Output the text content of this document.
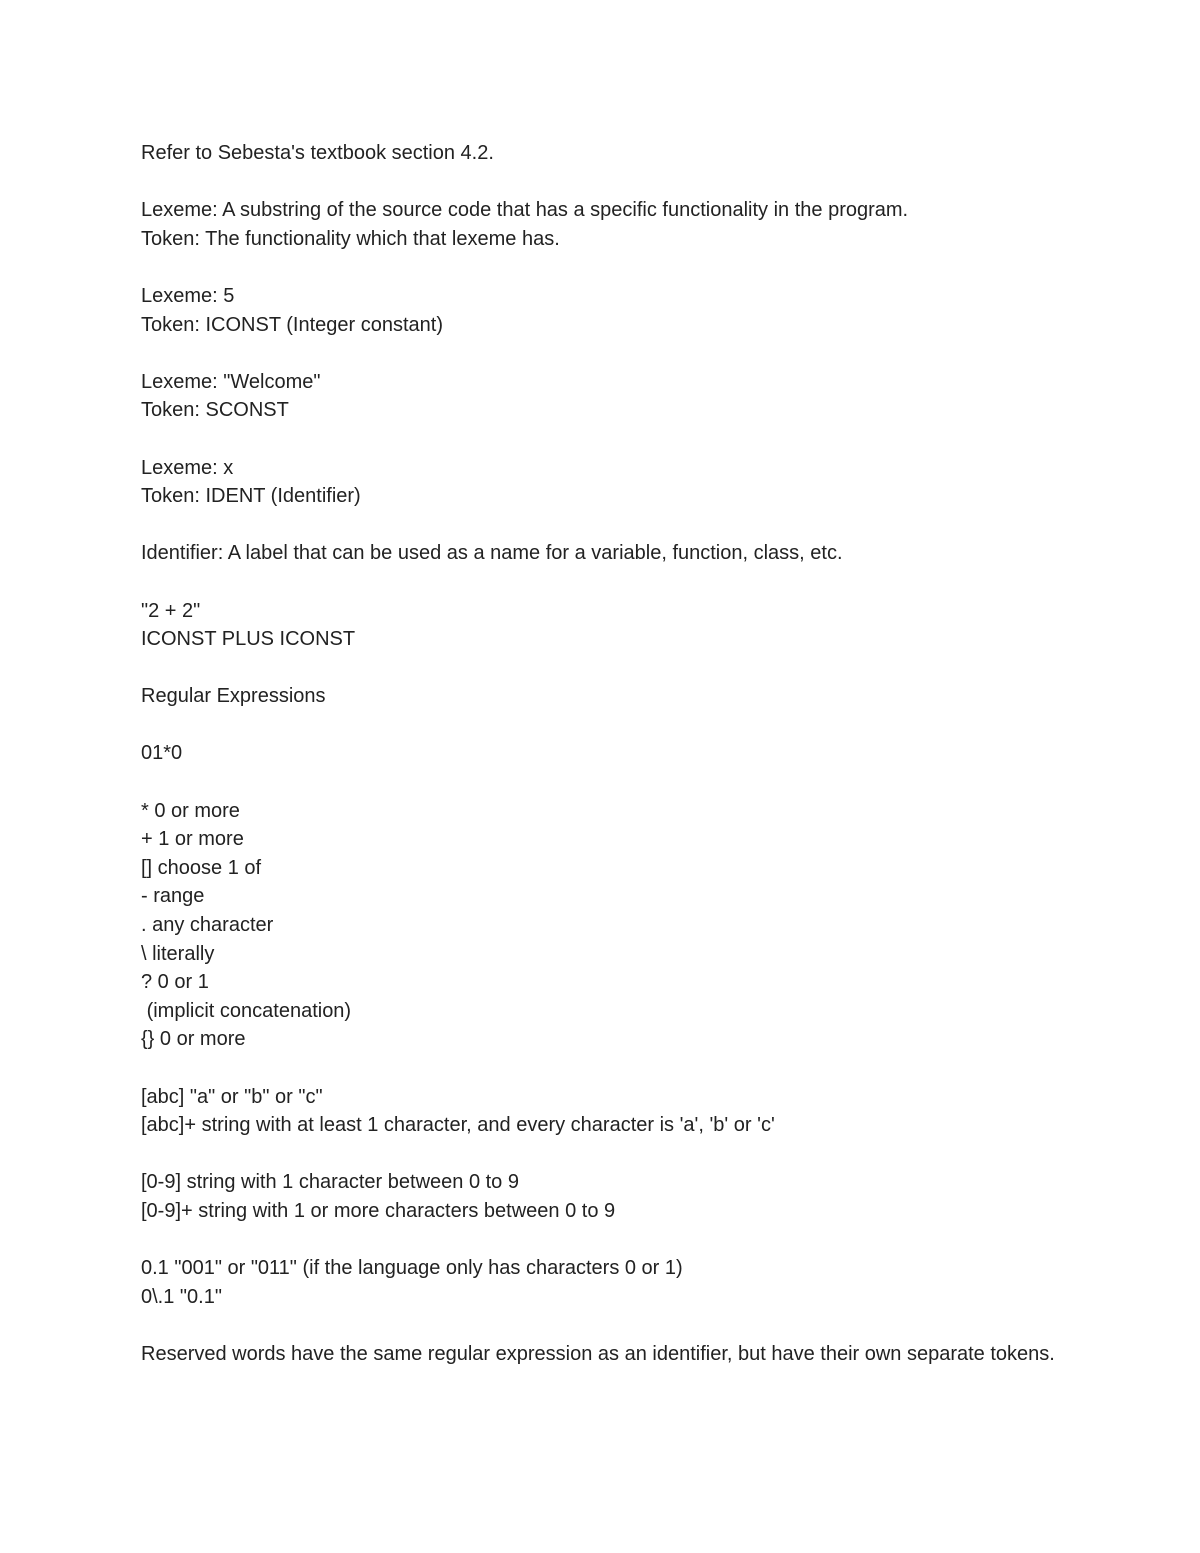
Refer to Sebesta's textbook section 4.2.
Lexeme: A substring of the source code that has a specific functionality in the program.
Token: The functionality which that lexeme has.
Lexeme: 5
Token: ICONST (Integer constant)
Lexeme: "Welcome"
Token: SCONST
Lexeme: x
Token: IDENT (Identifier)
Identifier: A label that can be used as a name for a variable, function, class, etc.
"2 + 2"
ICONST PLUS ICONST
Regular Expressions
01*0
* 0 or more
+ 1 or more
[] choose 1 of
- range
. any character
\ literally
? 0 or 1
(implicit concatenation)
{} 0 or more
[abc] "a" or "b" or "c"
[abc]+ string with at least 1 character, and every character is 'a', 'b' or 'c'
[0-9] string with 1 character between 0 to 9
[0-9]+ string with 1 or more characters between 0 to 9
0.1 "001" or "011" (if the language only has characters 0 or 1)
0\.1 "0.1"
Reserved words have the same regular expression as an identifier, but have their own separate tokens.
